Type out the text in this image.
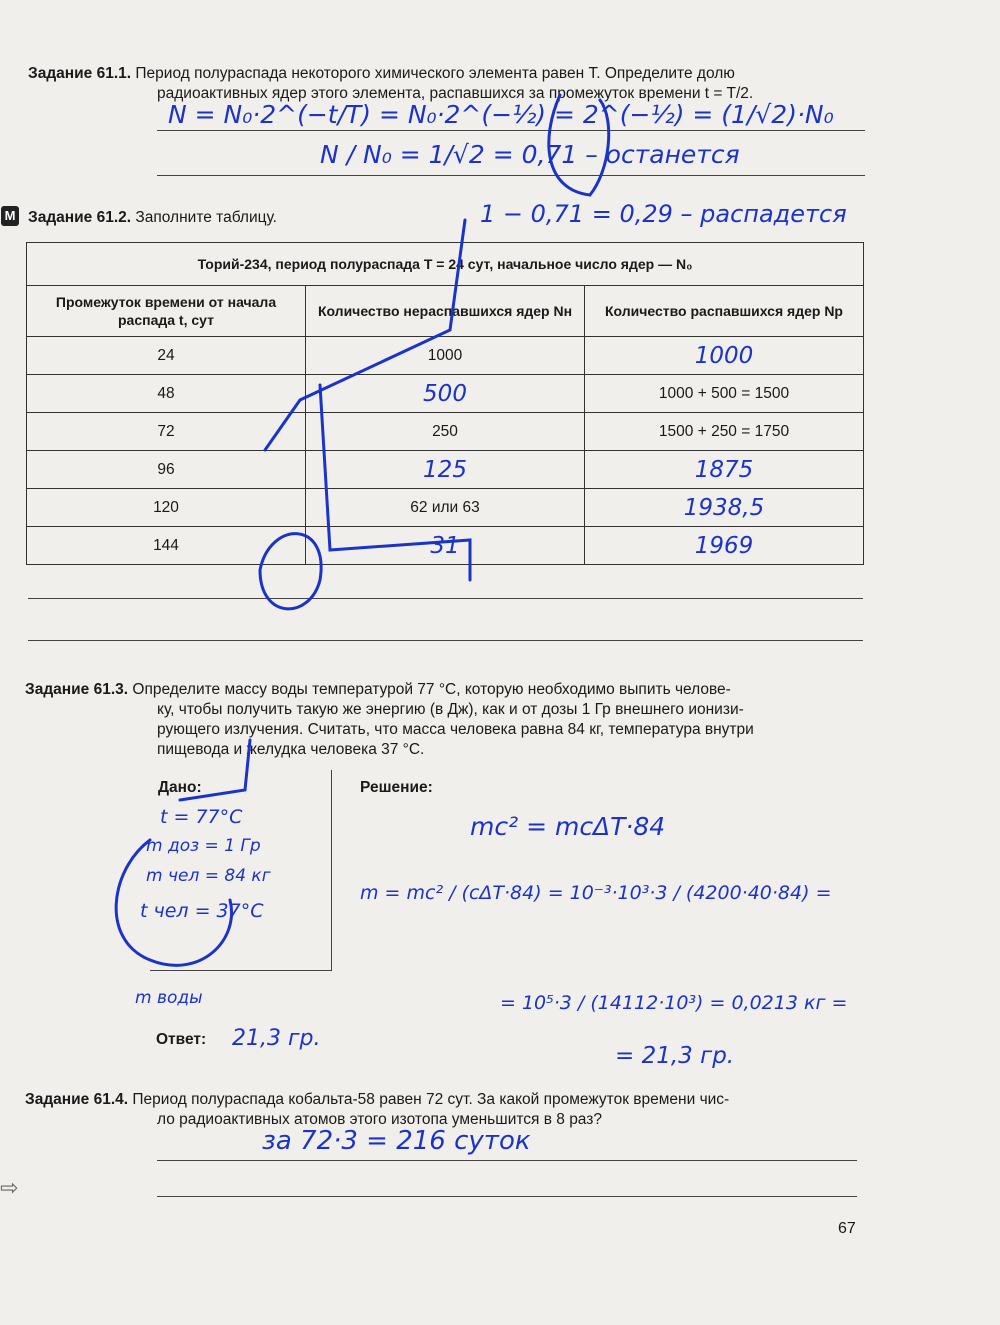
Задание 61.1. Период полураспада некоторого химического элемента равен T. Определите долю
радиоактивных ядер этого элемента, распавшихся за промежуток времени t = T/2.
N = N₀·2^(−t/T) = N₀·2^(−½) = 2^(−½) = (1/√2)·N₀
N / N₀ = 1/√2 = 0,71 – останется
1 − 0,71 = 0,29 – распадется
M Задание 61.2. Заполните таблицу.
Торий-234, период полураспада T = 24 сут, начальное число ядер — N₀		
Промежуток времени от начала распада t, сут	Количество нераспавшихся ядер Nн	Количество распавшихся ядер Nр
24	1000	1000
48	500	1000 + 500 = 1500
72	250	1500 + 250 = 1750
96	125	1875
120	62 или 63	1938,5
144	31	1969
Задание 61.3. Определите массу воды температурой 77 °C, которую необходимо выпить челове-
ку, чтобы получить такую же энергию (в Дж), как и от дозы 1 Гр внешнего ионизи-
рующего излучения. Считать, что масса человека равна 84 кг, температура внутри
пищевода и желудка человека 37 °C.
Дано:	Решение:
t = 77°C
m доз = 1 Гр
m чел = 84 кг
t чел = 37°C
m воды
mc² = mcΔT·84
m = mc² / (cΔT·84) = 10⁻³·10³·3 / (4200·40·84) =
= 10⁵·3 / (14112·10³) = 0,0213 кг =
= 21,3 гр.
Ответ: 21,3 гр.
Задание 61.4. Период полураспада кобальта-58 равен 72 сут. За какой промежуток времени чис-
ло радиоактивных атомов этого изотопа уменьшится в 8 раз?
за 72·3 = 216 суток
⇨
67
